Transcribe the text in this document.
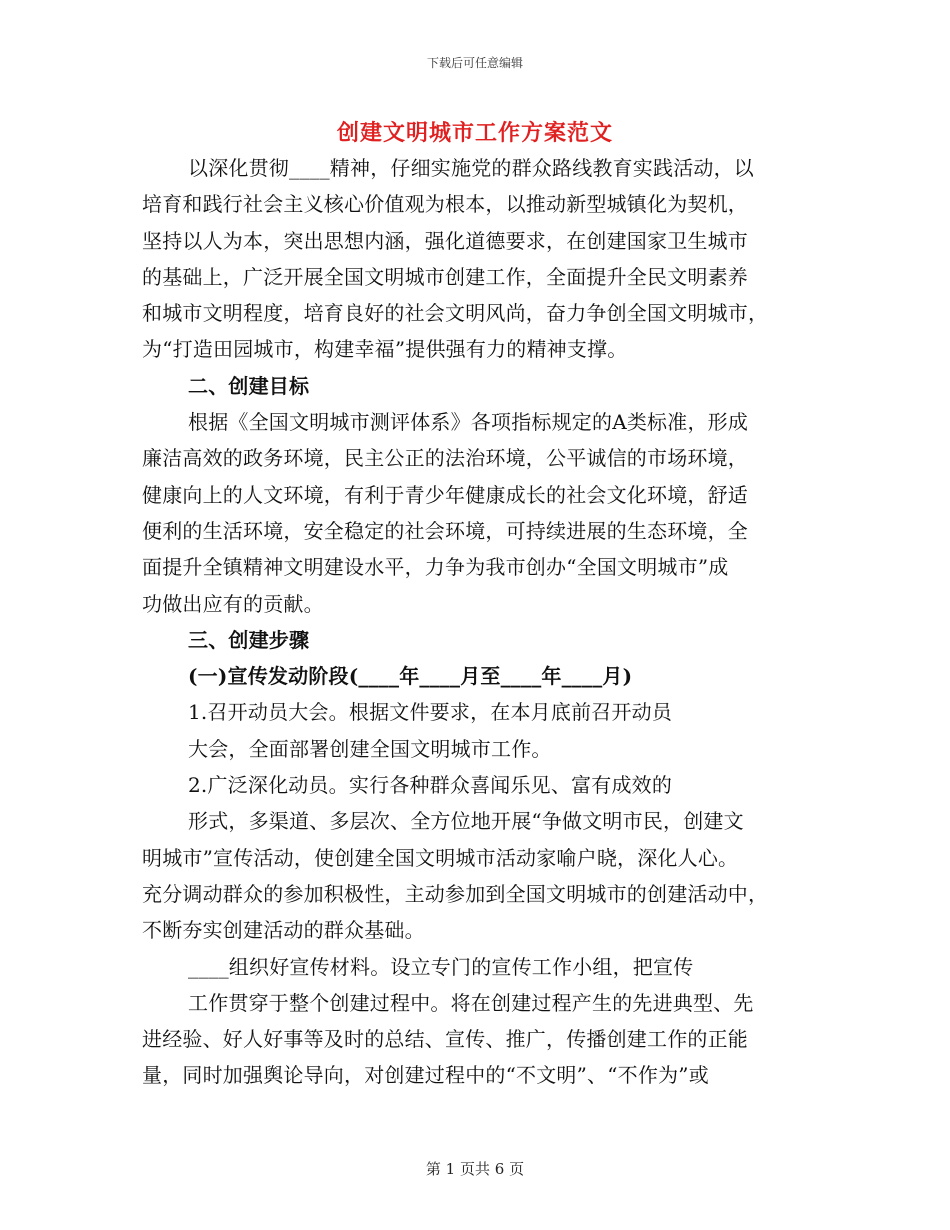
下载后可任意编辑
创建文明城市工作方案范文
以深化贯彻____精神，仔细实施党的群众路线教育实践活动，以
培育和践行社会主义核心价值观为根本，以推动新型城镇化为契机，
坚持以人为本，突出思想内涵，强化道德要求，在创建国家卫生城市
的基础上，广泛开展全国文明城市创建工作，全面提升全民文明素养
和城市文明程度，培育良好的社会文明风尚，奋力争创全国文明城市，
为“打造田园城市，构建幸福”提供强有力的精神支撑。
二、创建目标
根据《全国文明城市测评体系》各项指标规定的A类标准，形成
廉洁高效的政务环境，民主公正的法治环境，公平诚信的市场环境，
健康向上的人文环境，有利于青少年健康成长的社会文化环境，舒适
便利的生活环境，安全稳定的社会环境，可持续进展的生态环境，全
面提升全镇精神文明建设水平，力争为我市创办“全国文明城市”成
功做出应有的贡献。
三、创建步骤
(一)宣传发动阶段(____年____月至____年____月)
1.召开动员大会。根据文件要求，在本月底前召开动员
大会，全面部署创建全国文明城市工作。
2.广泛深化动员。实行各种群众喜闻乐见、富有成效的
形式，多渠道、多层次、全方位地开展“争做文明市民，创建文
明城市”宣传活动，使创建全国文明城市活动家喻户晓，深化人心。
充分调动群众的参加积极性，主动参加到全国文明城市的创建活动中，
不断夯实创建活动的群众基础。
____组织好宣传材料。设立专门的宣传工作小组，把宣传
工作贯穿于整个创建过程中。将在创建过程产生的先进典型、先
进经验、好人好事等及时的总结、宣传、推广，传播创建工作的正能
量，同时加强舆论导向，对创建过程中的“不文明”、“不作为”或
第 1 页共 6 页
